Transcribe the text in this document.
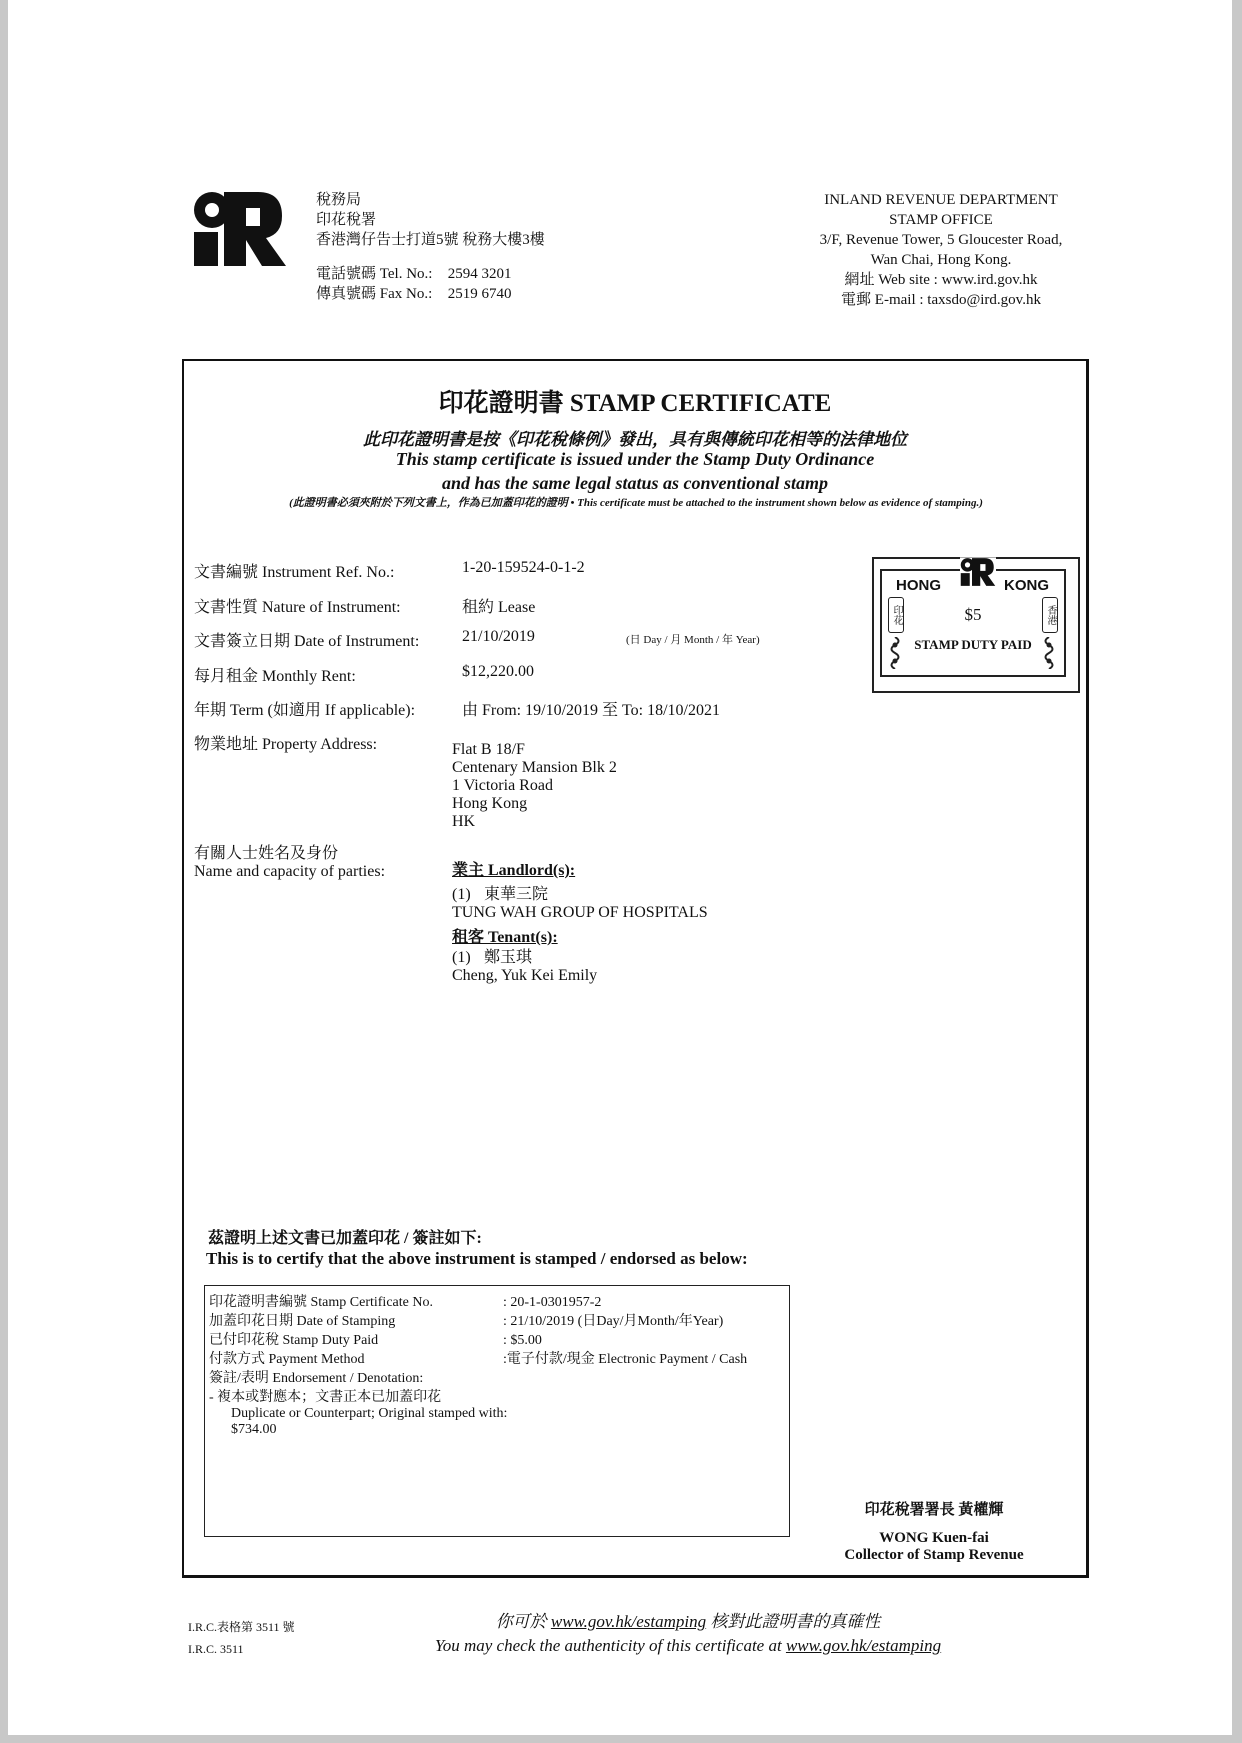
稅務局
印花稅署
香港灣仔告士打道5號 稅務大樓3樓
電話號碼 Tel. No.: 2594 3201
傳真號碼 Fax No.: 2519 6740
INLAND REVENUE DEPARTMENT
STAMP OFFICE
3/F, Revenue Tower, 5 Gloucester Road,
Wan Chai, Hong Kong.
網址 Web site : www.ird.gov.hk
電郵 E-mail : taxsdo@ird.gov.hk
印花證明書 STAMP CERTIFICATE
此印花證明書是按《印花稅條例》發出，具有與傳統印花相等的法律地位
This stamp certificate is issued under the Stamp Duty Ordinance
and has the same legal status as conventional stamp
(此證明書必須夾附於下列文書上，作為已加蓋印花的證明 • This certificate must be attached to the instrument shown below as evidence of stamping.)
文書編號 Instrument Ref. No.:	1-20-159524-0-1-2
文書性質 Nature of Instrument:	租約 Lease
文書簽立日期 Date of Instrument:	21/10/2019	(日 Day / 月 Month / 年 Year)
每月租金 Monthly Rent:	$12,220.00
年期 Term (如適用 If applicable):	由 From: 19/10/2019 至 To: 18/10/2021
物業地址 Property Address:	Flat B 18/F
Centenary Mansion Blk 2
1 Victoria Road
Hong Kong
HK
有關人士姓名及身份
Name and capacity of parties:	業主 Landlord(s):
(1) 東華三院
TUNG WAH GROUP OF HOSPITALS
租客 Tenant(s):
(1) 鄭玉琪
Cheng, Yuk Kei Emily
HONG	KONG
$5
STAMP DUTY PAID
印花	香港
茲證明上述文書已加蓋印花 / 簽註如下:
This is to certify that the above instrument is stamped / endorsed as below:
印花證明書編號 Stamp Certificate No.	: 20-1-0301957-2
加蓋印花日期 Date of Stamping	: 21/10/2019 (日Day/月Month/年Year)
已付印花稅 Stamp Duty Paid	: $5.00
付款方式 Payment Method	:電子付款/現金 Electronic Payment / Cash
簽註/表明 Endorsement / Denotation:
- 複本或對應本；文書正本已加蓋印花
Duplicate or Counterpart; Original stamped with:
$734.00
印花稅署署長 黃權輝
WONG Kuen-fai
Collector of Stamp Revenue
I.R.C.表格第 3511 號
I.R.C. 3511
你可於 www.gov.hk/estamping 核對此證明書的真確性
You may check the authenticity of this certificate at www.gov.hk/estamping
